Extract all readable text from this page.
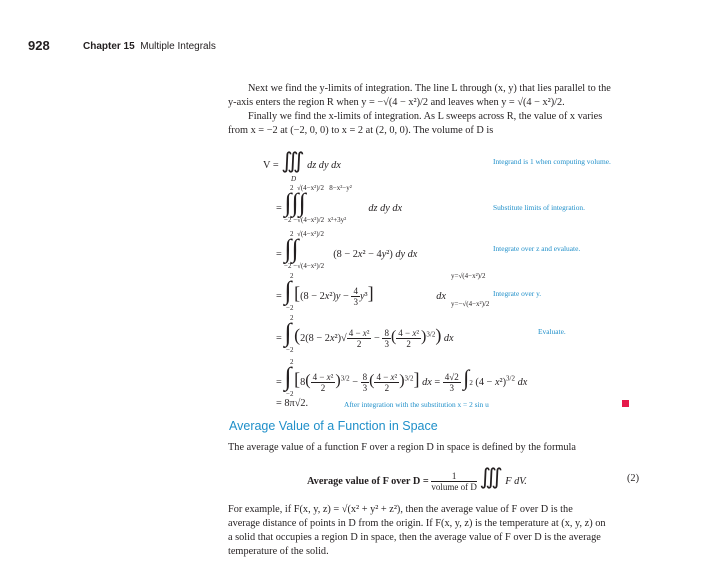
928	Chapter 15 Multiple Integrals
Next we find the y-limits of integration. The line L through (x, y) that lies parallel to the
y-axis enters the region R when y = −√(4 − x²)/2 and leaves when y = √(4 − x²)/2.
Finally we find the x-limits of integration. As L sweeps across R, the value of x varies
from x = −2 at (−2, 0, 0) to x = 2 at (2, 0, 0). The volume of D is
V = ∭
D
dz dy dx	Integrand is 1 when computing volume.
= ∫∫∫
2  √(4−x²)/2   8−x²−y²
−2 −√(4−x²)/2  x²+3y²
dz dy dx	Substitute limits of integration.
= ∫∫
2  √(4−x²)/2
−2 −√(4−x²)/2
(8 − 2x² − 4y²) dy dx
Integrate over z and evaluate.
= ∫
2
−2
$[(8 - 2x^2)y - \frac{4}{3} y^3]$
y=√(4−x²)/2
y=−√(4−x²)/2
dx	Integrate over y.
= ∫
2
−2
($2(8 - 2x^2)√ \frac{\text{4 − x²}}{2} - \frac{8}{3}$ ( $\frac{\text{4 − x²}}{2} )^{3/2}$) dx
Evaluate.
= ∫
2
−2
[$8( \frac{\text{4 − x²}}{2} )^{3/2} - \frac{8}{3}$ ( $\frac{\text{4 − x²}}{2} )^{3/2}$] dx = $\frac{4√2}{3} \int 2$ $(4 - x^2)^{3/2}$ dx
= 8π√2.	After integration with the substitution x = 2 sin u
Average Value of a Function in Space
The average value of a function F over a region D in space is defined by the formula
Average value of F over $D = \frac{1}{\text{volume of D}}$ ∭ F dV.	(2)
For example, if F(x, y, z) = √(x² + y² + z²), then the average value of F over D is the
average distance of points in D from the origin. If F(x, y, z) is the temperature at (x, y, z) on
a solid that occupies a region D in space, then the average value of F over D is the average
temperature of the solid.
